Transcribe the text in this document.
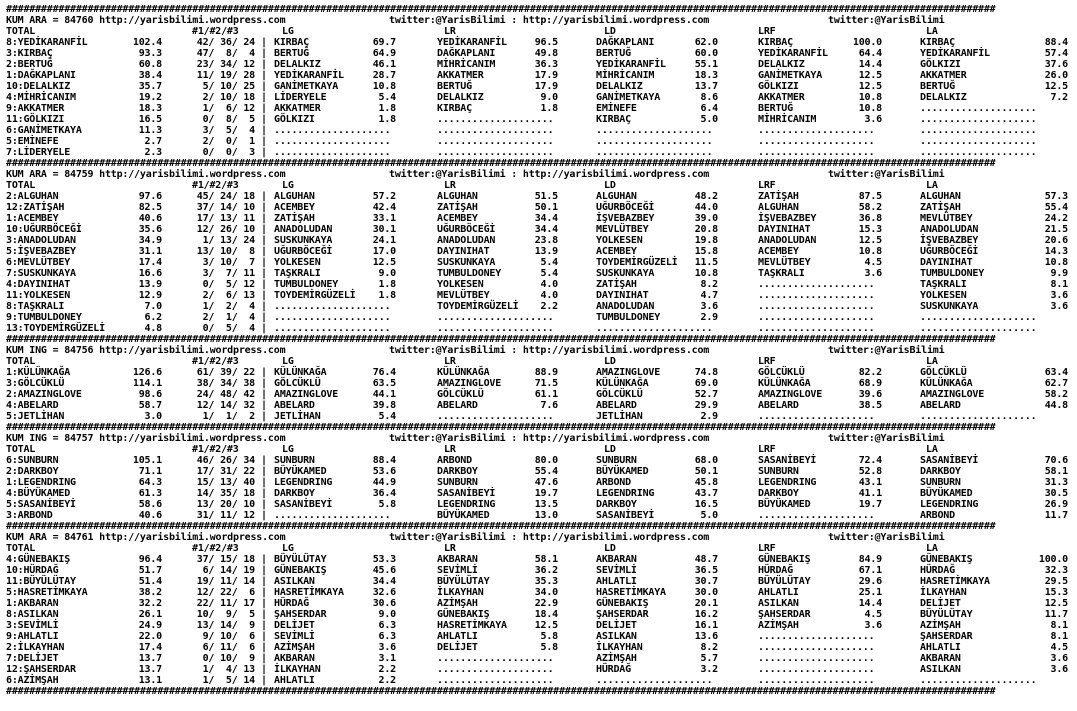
##########################################################################################################################################################################
KUM ARA = 84760 http://yarisbilimi.wordpress.com	twitter:@YarisBilimi : http://yarisbilimi.wordpress.com	twitter:@YarisBilimi
TOTAL	#1/#2/#3	LG	LR	LD	LRF	LA
8:YEDİKARANFİL	102.4	42/ 36/ 24 | KIRBAÇ	69.7	YEDİKARANFİL	96.5	DAĞKAPLANI	62.0	KIRBAÇ	100.0	KIRBAÇ	88.4
3:KIRBAÇ	93.3	47/  8/  4 | BERTUĞ	64.9	DAĞKAPLANI	49.8	BERTUĞ	60.0	YEDİKARANFİL	64.4	YEDİKARANFİL	57.4
2:BERTUĞ	60.8	23/ 34/ 12 | DELALKIZ	46.1	MİHRİCANIM	36.3	YEDİKARANFİL	55.1	DELALKIZ	14.4	GÖLKIZI	37.6
1:DAĞKAPLANI	38.4	11/ 19/ 28 | YEDİKARANFİL	28.7	AKKATMER	17.9	MİHRİCANIM	18.3	GANİMETKAYA	12.5	AKKATMER	26.0
10:DELALKIZ	35.7	5/ 10/ 25 | GANİMETKAYA	10.8	BERTUĞ	17.9	DELALKIZ	13.7	GÖLKIZI	12.5	BERTUĞ	12.5
4:MİHRİCANIM	19.2	2/ 10/ 18 | LİDERYELE	5.4	DELALKIZ	9.0	GANİMETKAYA	8.6	AKKATMER	10.8	DELALKIZ	7.2
9:AKKATMER	18.3	1/  6/ 12 | AKKATMER	1.8	KIRBAÇ	1.8	EMİNEFE	6.4	BERTUĞ	10.8	....................
11:GÖLKIZI	16.5	0/  8/  5 | GÖLKIZI	1.8	....................	KIRBAÇ	5.0	MİHRİCANIM	3.6	....................
6:GANİMETKAYA	11.3	3/  5/  4 | ....................	....................	....................	....................	....................
5:EMİNEFE	2.7	2/  0/  1 | ....................	....................	....................	....................	....................
7:LİDERYELE	2.3	0/  0/  3 | ....................	....................	....................	....................	....................
##########################################################################################################################################################################
KUM ARA = 84759 http://yarisbilimi.wordpress.com	twitter:@YarisBilimi : http://yarisbilimi.wordpress.com	twitter:@YarisBilimi
TOTAL	#1/#2/#3	LG	LR	LD	LRF	LA
2:ALGUHAN	97.6	45/ 24/ 18 | ALGUHAN	57.2	ALGUHAN	51.5	ALGUHAN	48.2	ZATİŞAH	87.5	ALGUHAN	57.3
12:ZATİŞAH	82.5	37/ 14/ 10 | ACEMBEY	42.4	ZATİŞAH	50.1	UĞURBÖCEĞİ	44.0	ALGUHAN	58.2	ZATİŞAH	55.4
1:ACEMBEY	40.6	17/ 13/ 11 | ZATİŞAH	33.1	ACEMBEY	34.4	İŞVEBAZBEY	39.0	İŞVEBAZBEY	36.8	MEVLÜTBEY	24.2
10:UĞURBÖCEĞİ	35.6	12/ 26/ 10 | ANADOLUDAN	30.1	UĞURBÖCEĞİ	34.4	MEVLÜTBEY	20.8	DAYINIHAT	15.3	ANADOLUDAN	21.5
3:ANADOLUDAN	34.9	1/ 13/ 24 | SUSKUNKAYA	24.1	ANADOLUDAN	23.8	YOLKESEN	19.8	ANADOLUDAN	12.5	İŞVEBAZBEY	20.6
5:İŞVEBAZBEY	31.1	13/ 10/  8 | UĞURBÖCEĞİ	17.0	DAYINIHAT	13.9	ACEMBEY	15.8	ACEMBEY	10.8	UĞURBÖCEĞİ	14.3
6:MEVLÜTBEY	17.4	3/ 10/  7 | YOLKESEN	12.5	SUSKUNKAYA	5.4	TOYDEMİRGÜZELİ 11.5	MEVLÜTBEY	4.5	DAYINIHAT	10.8
7:SUSKUNKAYA	16.6	3/  7/ 11 | TAŞKRALI	9.0	TUMBULDONEY	5.4	SUSKUNKAYA	10.8	TAŞKRALI	3.6	TUMBULDONEY	9.9
4:DAYINIHAT	13.9	0/  5/ 12 | TUMBULDONEY	1.8	YOLKESEN	4.0	ZATİŞAH	8.2	....................	TAŞKRALI	8.1
11:YOLKESEN	12.9	2/  6/ 13 | TOYDEMİRGÜZELİ 1.8	MEVLÜTBEY	4.0	DAYINIHAT	4.7	....................	YOLKESEN	3.6
8:TAŞKRALI	7.0	1/  2/  4 | ....................	TOYDEMİRGÜZELİ 2.2	ANADOLUDAN	3.6	....................	SUSKUNKAYA	3.6
9:TUMBULDONEY	6.2	2/  1/  4 | ....................	....................	TUMBULDONEY	2.9	....................	....................
13:TOYDEMİRGÜZELİ	4.8	0/  5/  4 | ....................	....................	....................	....................	....................
##########################################################################################################################################################################
KUM ING = 84756 http://yarisbilimi.wordpress.com	twitter:@YarisBilimi : http://yarisbilimi.wordpress.com	twitter:@YarisBilimi
TOTAL	#1/#2/#3	LG	LR	LD	LRF	LA
1:KÜLÜNKAĞA	126.6	61/ 39/ 22 | KÜLÜNKAĞA	76.4	KÜLÜNKAĞA	88.9	AMAZINGLOVE	74.8	GÖLCÜKLÜ	82.2	GÖLCÜKLÜ	63.4
3:GÖLCÜKLÜ	114.1	38/ 34/ 38 | GÖLCÜKLÜ	63.5	AMAZINGLOVE	71.5	KÜLÜNKAĞA	69.0	KÜLÜNKAĞA	68.9	KÜLÜNKAĞA	62.7
2:AMAZINGLOVE	98.6	24/ 48/ 42 | AMAZINGLOVE	44.1	GÖLCÜKLÜ	61.1	GÖLCÜKLÜ	52.7	AMAZINGLOVE	39.6	AMAZINGLOVE	58.2
4:ABELARD	58.7	12/ 14/ 32 | ABELARD	39.8	ABELARD	7.6	ABELARD	29.9	ABELARD	38.5	ABELARD	44.8
5:JETLİHAN	3.0	1/  1/  2 | JETLİHAN	5.4	....................	JETLİHAN	2.9	....................	....................
##########################################################################################################################################################################
KUM ING = 84757 http://yarisbilimi.wordpress.com	twitter:@YarisBilimi : http://yarisbilimi.wordpress.com	twitter:@YarisBilimi
TOTAL	#1/#2/#3	LG	LR	LD	LRF	LA
6:SUNBURN	105.1	46/ 26/ 34 | SUNBURN	88.4	ARBOND	80.0	SUNBURN	68.0	SASANİBEYİ	72.4	SASANİBEYİ	70.6
2:DARKBOY	71.1	17/ 31/ 22 | BÜYÜKAMED	53.6	DARKBOY	55.4	BÜYÜKAMED	50.1	SUNBURN	52.8	DARKBOY	58.1
1:LEGENDRING	64.3	15/ 13/ 40 | LEGENDRING	44.9	SUNBURN	47.6	ARBOND	45.8	LEGENDRING	43.1	SUNBURN	31.3
4:BÜYÜKAMED	61.3	14/ 35/ 18 | DARKBOY	36.4	SASANİBEYİ	19.7	LEGENDRING	43.7	DARKBOY	41.1	BÜYÜKAMED	30.5
5:SASANİBEYİ	58.6	13/ 20/ 10 | SASANİBEYİ	5.8	LEGENDRING	13.5	DARKBOY	16.5	BÜYÜKAMED	19.7	LEGENDRING	26.9
3:ARBOND	40.6	31/ 11/ 12 | ....................	BÜYÜKAMED	13.0	SASANİBEYİ	5.0	....................	ARBOND	11.7
##########################################################################################################################################################################
KUM ARA = 84761 http://yarisbilimi.wordpress.com	twitter:@YarisBilimi : http://yarisbilimi.wordpress.com	twitter:@YarisBilimi
TOTAL	#1/#2/#3	LG	LR	LD	LRF	LA
4:GÜNEBAKIŞ	96.4	37/ 15/ 18 | BÜYÜLÜTAY	53.3	AKBARAN	58.1	AKBARAN	48.7	GÜNEBAKIŞ	84.9	GÜNEBAKIŞ	100.0
10:HÜRDAĞ	51.7	6/ 14/ 19 | GÜNEBAKIŞ	45.6	SEVİMLİ	36.2	SEVİMLİ	36.5	HÜRDAĞ	67.1	HÜRDAĞ	32.3
11:BÜYÜLÜTAY	51.4	19/ 11/ 14 | ASILKAN	34.4	BÜYÜLÜTAY	35.3	AHLATLI	30.7	BÜYÜLÜTAY	29.6	HASRETİMKAYA	29.5
5:HASRETİMKAYA	38.2	12/ 22/  6 | HASRETİMKAYA	32.6	İLKAYHAN	34.0	HASRETİMKAYA	30.0	AHLATLI	25.1	İLKAYHAN	15.3
1:AKBARAN	32.2	22/ 11/ 17 | HÜRDAĞ	30.6	AZİMŞAH	22.9	GÜNEBAKIŞ	20.1	ASILKAN	14.4	DELİJET	12.5
8:ASILKAN	26.1	10/  9/  5 | ŞAHSERDAR	9.0	GÜNEBAKIŞ	18.4	ŞAHSERDAR	16.2	ŞAHSERDAR	4.5	BÜYÜLÜTAY	11.7
3:SEVİMLİ	24.9	13/ 14/  9 | DELİJET	6.3	HASRETİMKAYA	12.5	DELİJET	16.1	AZİMŞAH	3.6	AZİMŞAH	8.1
9:AHLATLI	22.0	9/ 10/  6 | SEVİMLİ	6.3	AHLATLI	5.8	ASILKAN	13.6	....................	ŞAHSERDAR	8.1
2:İLKAYHAN	17.4	6/ 11/  6 | AZİMŞAH	3.6	DELİJET	5.8	İLKAYHAN	8.2	....................	AHLATLI	4.5
7:DELİJET	13.7	0/ 10/  9 | AKBARAN	3.1	....................	AZİMŞAH	5.7	....................	AKBARAN	3.6
12:ŞAHSERDAR	13.7	1/  4/ 13 | İLKAYHAN	2.2	....................	HÜRDAĞ	3.2	....................	ASILKAN	3.6
6:AZİMŞAH	13.1	1/  5/ 14 | AHLATLI	2.2	....................	....................	....................	....................
##########################################################################################################################################################################
